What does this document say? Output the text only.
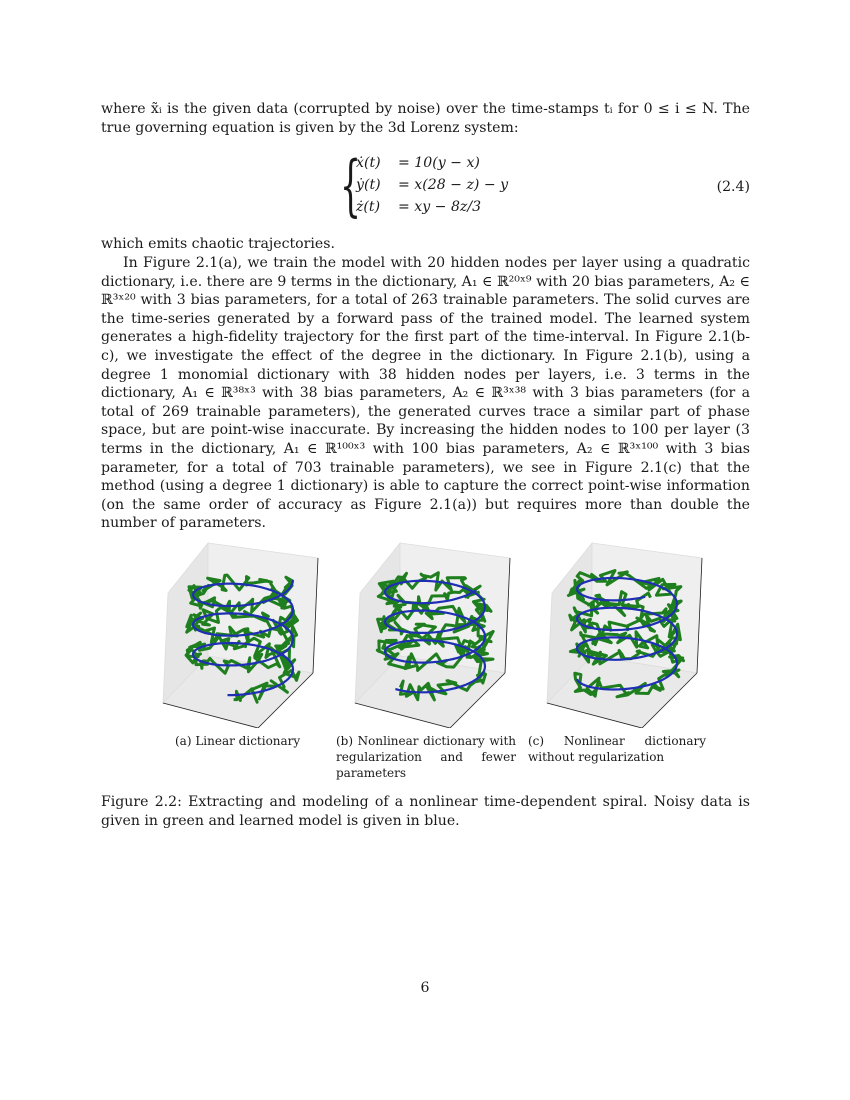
where x̃ᵢ is the given data (corrupted by noise) over the time-stamps tᵢ for 0 ≤ i ≤ N. The true governing equation is given by the 3d Lorenz system:

{
ẋ(t)	= 10(y − x)
ẏ(t)	= x(28 − z) − y
ż(t)	= xy − 8z/3
(2.4)

which emits chaotic trajectories.

In Figure 2.1(a), we train the model with 20 hidden nodes per layer using a quadratic dictionary, i.e. there are 9 terms in the dictionary, A₁ ∈ ℝ²⁰ˣ⁹ with 20 bias parameters, A₂ ∈ ℝ³ˣ²⁰ with 3 bias parameters, for a total of 263 trainable parameters. The solid curves are the time-series generated by a forward pass of the trained model. The learned system generates a high-fidelity trajectory for the first part of the time-interval. In Figure 2.1(b-c), we investigate the effect of the degree in the dictionary. In Figure 2.1(b), using a degree 1 monomial dictionary with 38 hidden nodes per layers, i.e. 3 terms in the dictionary, A₁ ∈ ℝ³⁸ˣ³ with 38 bias parameters, A₂ ∈ ℝ³ˣ³⁸ with 3 bias parameters (for a total of 269 trainable parameters), the generated curves trace a similar part of phase space, but are point-wise inaccurate. By increasing the hidden nodes to 100 per layer (3 terms in the dictionary, A₁ ∈ ℝ¹⁰⁰ˣ³ with 100 bias parameters, A₂ ∈ ℝ³ˣ¹⁰⁰ with 3 bias parameter, for a total of 703 trainable parameters), we see in Figure 2.1(c) that the method (using a degree 1 dictionary) is able to capture the correct point-wise information (on the same order of accuracy as Figure 2.1(a)) but requires more than double the number of parameters.

(a) Linear dictionary	(b) Nonlinear dictionary with regularization and fewer parameters

(c) Nonlinear dictionary without regularization

Figure 2.2: Extracting and modeling of a nonlinear time-dependent spiral. Noisy data is given in green and learned model is given in blue.

6
